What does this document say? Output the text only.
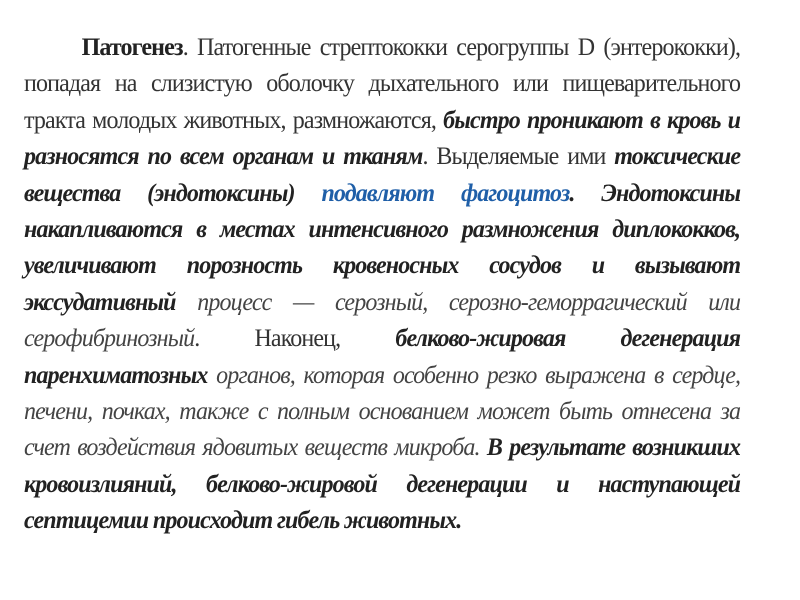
Патогенез. Патогенные стрептококки серогруппы D (энтерококки), попадая на слизистую оболочку дыхательного или пищеварительного тракта молодых животных, размножаются, быстро проникают в кровь и разносятся по всем органам и тканям. Выделяемые ими токсические вещества (эндотоксины) подавляют фагоцитоз. Эндотоксины накапливаются в местах интенсивного размножения диплококков, увеличивают порозность кровеносных сосудов и вызывают экссудативный процесс — серозный, серозно-геморрагический или серофибринозный. Наконец, белково-жировая дегенерация паренхиматозных органов, которая особенно резко выражена в сердце, печени, почках, также с полным основанием может быть отнесена за счет воздействия ядовитых веществ микроба. В результате возникших кровоизлияний, белково-жировой дегенерации и наступающей септицемии происходит гибель животных.
